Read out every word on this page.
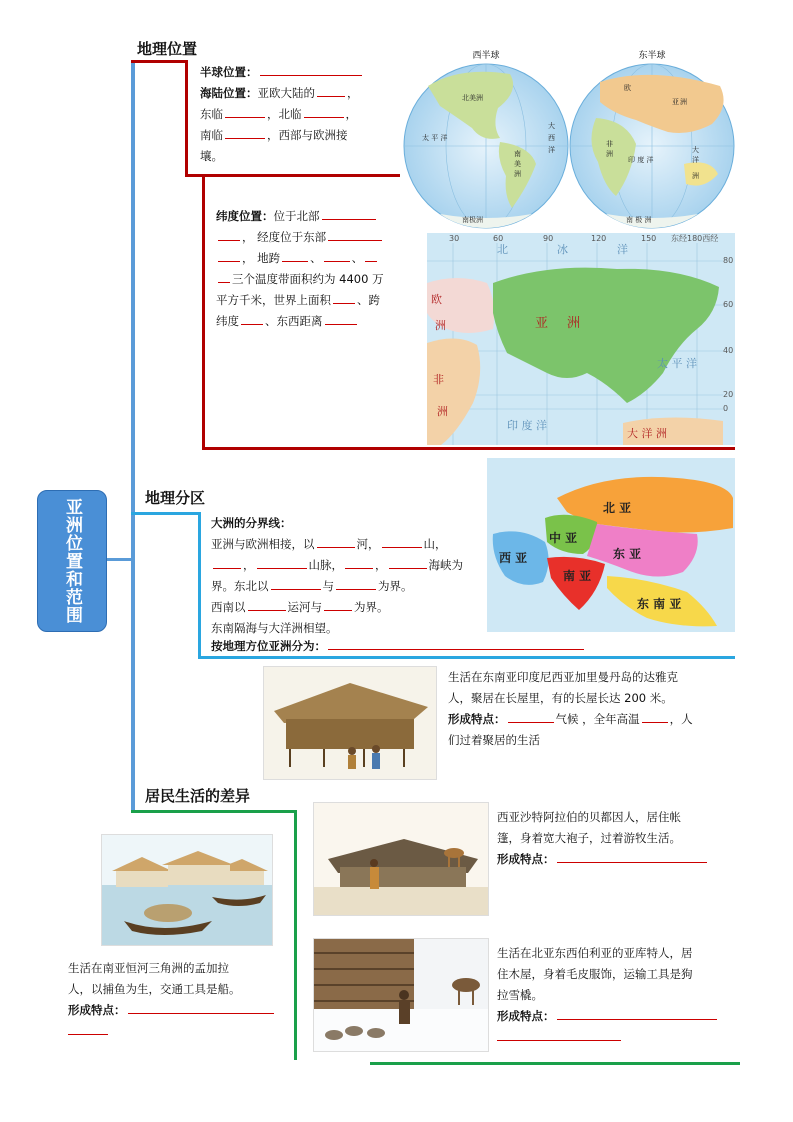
亚洲位置和范围
地理位置
地理分区
居民生活的差异
半球位置：
海陆位置：亚欧大陆的	，
东临	，北临	，
南临	，西部与欧洲接
壤。
纬度位置：位于北部
， 经度位于东部
， 地跨	、	、
三个温度带面积约为 4400 万
平方千米，世界上面积 、跨
纬度 、东西距离
西半球	东半球
北美洲
太 平 洋
大
西
洋
南
美
洲
南极洲
欧
亚 洲
非
洲
印 度 洋
大
洋
洲
南 极 洲
30	60	90	120	150 东经180西经
80
60
40
20
0
北	冰	洋
欧
洲	亚 洲
非
洲
太 平 洋
印 度 洋
大 洋 洲
大洲的分界线：
亚洲与欧洲相接，以	河，	山，
，	山脉，	，	海峡为
界。东北以	与	为界。
西南以	运河与	为界。
东南隔海与大洋洲相望。
按地理方位亚洲分为：
北 亚
中 亚
西 亚	东 亚
南 亚
东 南 亚
生活在东南亚印度尼西亚加里曼丹岛的达雅克
人，聚居在长屋里，有的长屋长达 200 米。
形成特点：	气候 ，全年高温	，人
们过着聚居的生活
西亚沙特阿拉伯的贝都因人，居住帐
篷，身着宽大袍子，过着游牧生活。
形成特点：
生活在南亚恒河三角洲的孟加拉
人，以捕鱼为生，交通工具是船。
形成特点：
生活在北亚东西伯利亚的亚库特人，居
住木屋，身着毛皮服饰，运输工具是狗
拉雪橇。
形成特点：
